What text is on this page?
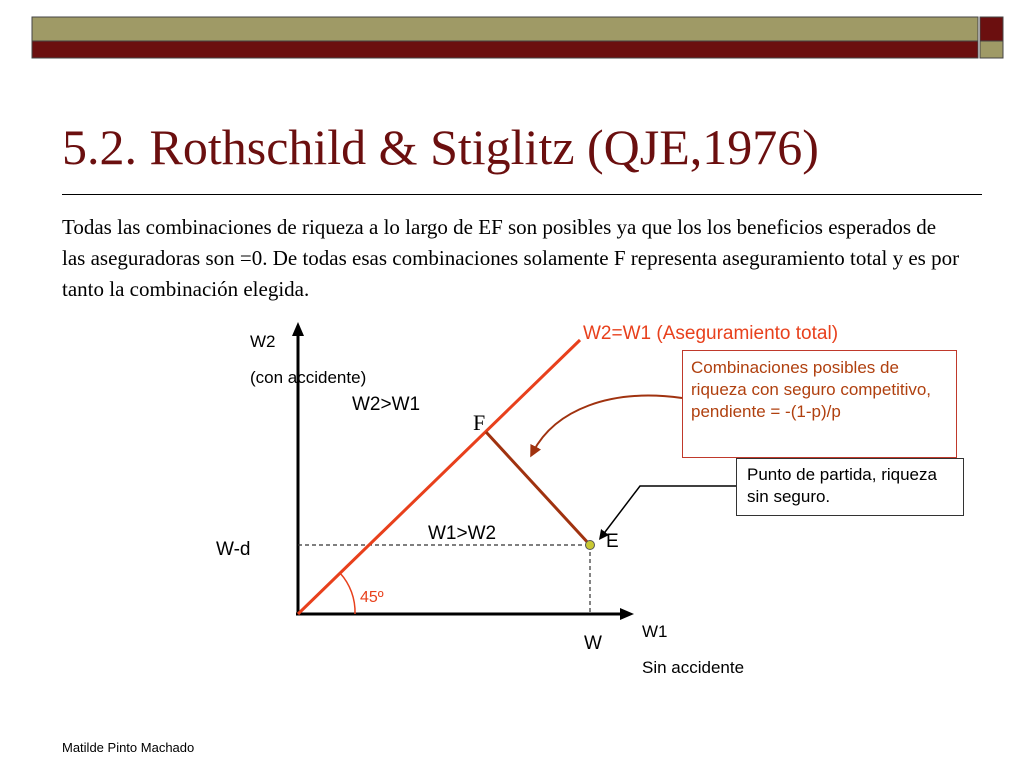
5.2. Rothschild & Stiglitz (QJE,1976)
Todas las combinaciones de riqueza a lo largo de EF son posibles ya que los los beneficios esperados de las aseguradoras son =0. De todas esas combinaciones solamente F representa aseguramiento total y es por tanto la combinación elegida.
W2
(con accidente)
W2=W1 (Aseguramiento total)
W2>W1
F
W1>W2	E
W-d
45º
W
W1
Sin accidente
Combinaciones posibles de riqueza con seguro competitivo, pendiente = -(1-p)/p
Punto de partida, riqueza sin seguro.
Matilde Pinto Machado
